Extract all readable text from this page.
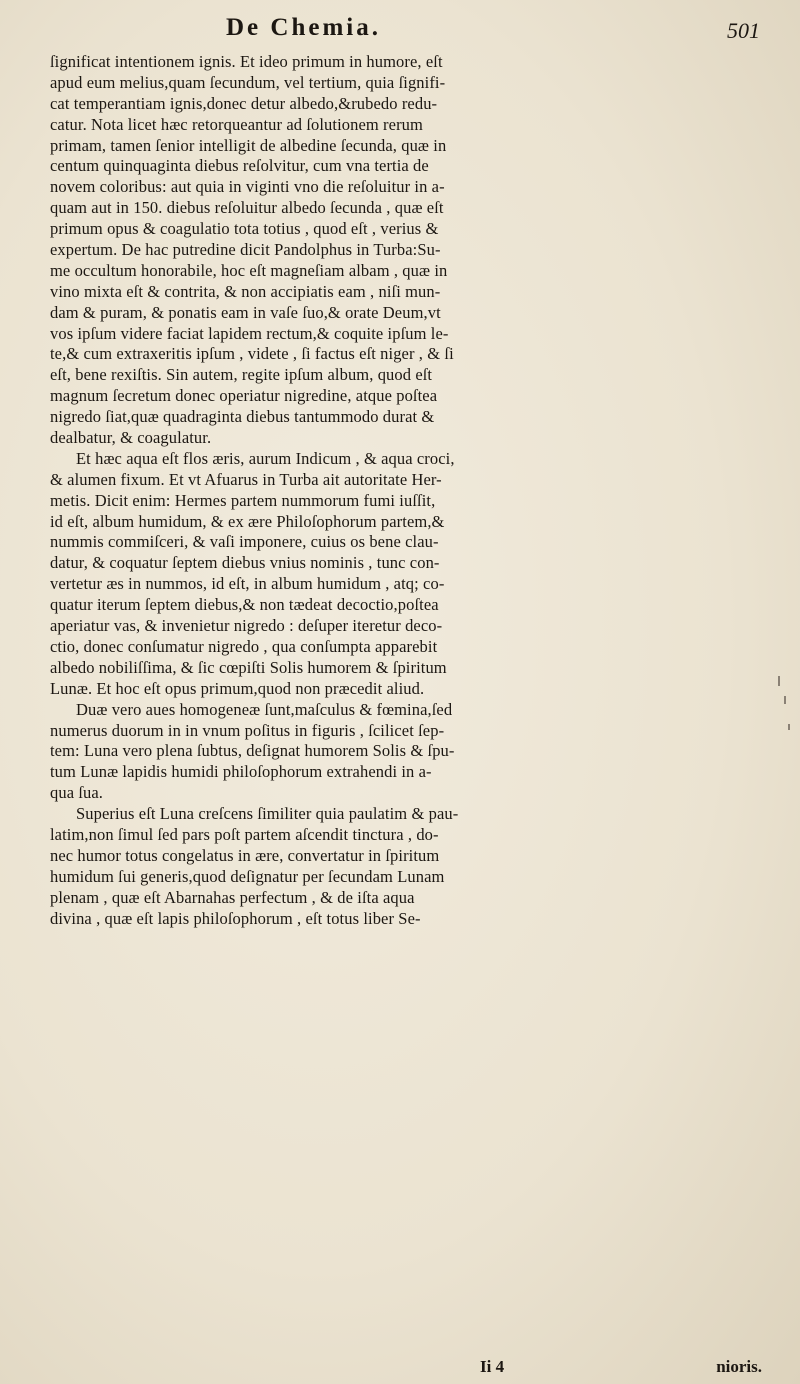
De Chemia.	501
ſignificat intentionem ignis. Et ideo primum in humore, eſt
apud eum melius,quam ſecundum, vel tertium, quia ſignifi-
cat temperantiam ignis,donec detur albedo,&rubedo redu-
catur. Nota licet hæc retorqueantur ad ſolutionem rerum
primam, tamen ſenior intelligit de albedine ſecunda, quæ in
centum quinquaginta diebus reſolvitur, cum vna tertia de
novem coloribus: aut quia in viginti vno die reſoluitur in a-
quam aut in 150. diebus reſoluitur albedo ſecunda , quæ eſt
primum opus & coagulatio tota totius , quod eſt , verius &
expertum. De hac putredine dicit Pandolphus in Turba:Su-
me occultum honorabile, hoc eſt magneſiam albam , quæ in
vino mixta eſt & contrita, & non accipiatis eam , niſi mun-
dam & puram, & ponatis eam in vaſe ſuo,& orate Deum,vt
vos ipſum videre faciat lapidem rectum,& coquite ipſum le-
te,& cum extraxeritis ipſum , videte , ſi factus eſt niger , & ſi
eſt, bene rexiſtis. Sin autem, regite ipſum album, quod eſt
magnum ſecretum donec operiatur nigredine, atque poſtea
nigredo ſiat,quæ quadraginta diebus tantummodo durat &
dealbatur, & coagulatur.
Et hæc aqua eſt flos æris, aurum Indicum , & aqua croci,
& alumen fixum. Et vt Afuarus in Turba ait autoritate Her-
metis. Dicit enim: Hermes partem nummorum fumi iuſſit,
id eſt, album humidum, & ex ære Philoſophorum partem,&
nummis commiſceri, & vaſi imponere, cuius os bene clau-
datur, & coquatur ſeptem diebus vnius nominis , tunc con-
vertetur æs in nummos, id eſt, in album humidum , atq; co-
quatur iterum ſeptem diebus,& non tædeat decoctio,poſtea
aperiatur vas, & invenietur nigredo : deſuper iteretur deco-
ctio, donec conſumatur nigredo , qua conſumpta apparebit
albedo nobiliſſima, & ſic cœpiſti Solis humorem & ſpiritum
Lunæ. Et hoc eſt opus primum,quod non præcedit aliud.
Duæ vero aues homogeneæ ſunt,maſculus & fœmina,ſed
numerus duorum in in vnum poſitus in figuris , ſcilicet ſep-
tem: Luna vero plena ſubtus, deſignat humorem Solis & ſpu-
tum Lunæ lapidis humidi philoſophorum extrahendi in a-
qua ſua.
Superius eſt Luna creſcens ſimiliter quia paulatim & pau-
latim,non ſimul ſed pars poſt partem aſcendit tinctura , do-
nec humor totus congelatus in ære, convertatur in ſpiritum
humidum ſui generis,quod deſignatur per ſecundam Lunam
plenam , quæ eſt Abarnahas perfectum , & de iſta aqua
divina , quæ eſt lapis philoſophorum , eſt totus liber Se-
Ii 4	nioris.
